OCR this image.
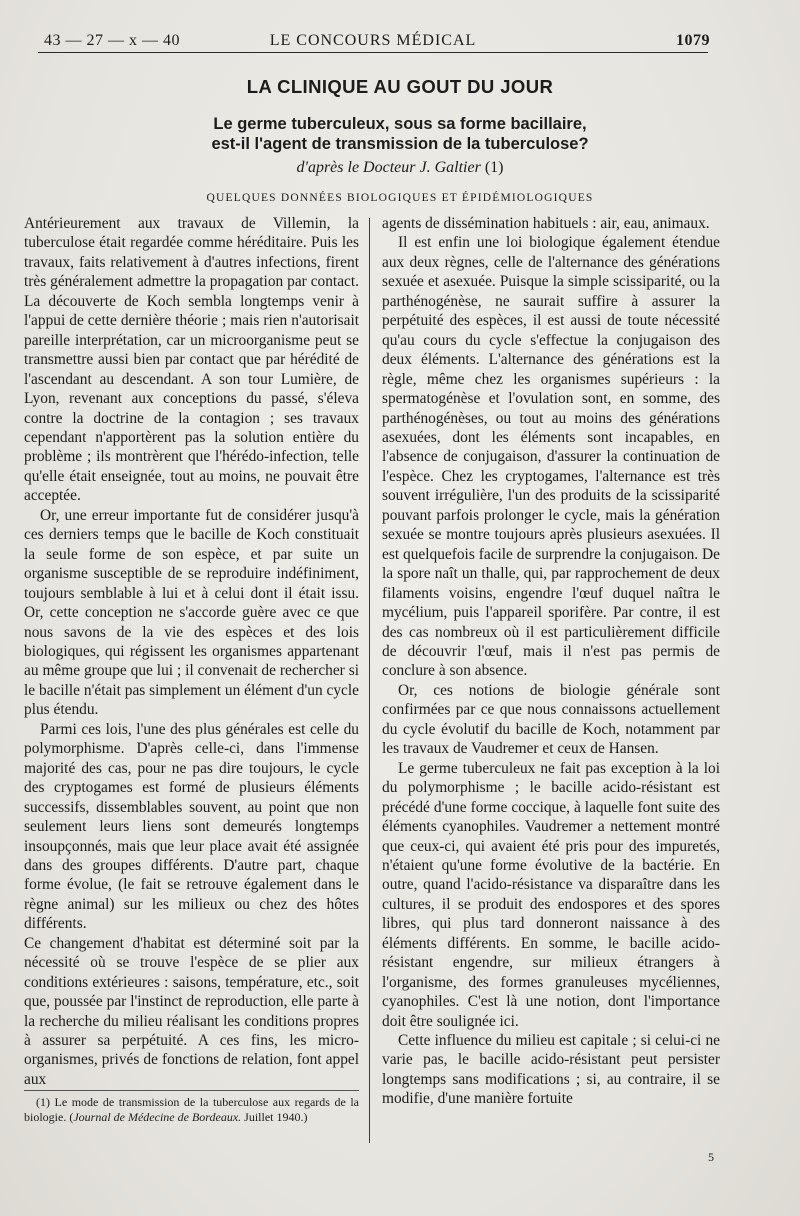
43 — 27 — x — 40	LE CONCOURS MÉDICAL	1079
LA CLINIQUE AU GOUT DU JOUR
Le germe tuberculeux, sous sa forme bacillaire,
est-il l'agent de transmission de la tuberculose?
d'après le Docteur J. Galtier (1)
QUELQUES DONNÉES BIOLOGIQUES ET ÉPIDÉMIOLOGIQUES

Antérieurement aux travaux de Villemin, la tuberculose était regardée comme héréditaire. Puis les travaux, faits relativement à d'autres infections, firent très généralement admettre la propagation par contact. La découverte de Koch sembla longtemps venir à l'appui de cette dernière théorie ; mais rien n'autorisait pareille interprétation, car un microorganisme peut se transmettre aussi bien par contact que par hérédité de l'ascendant au descendant. A son tour Lumière, de Lyon, revenant aux conceptions du passé, s'éleva contre la doctrine de la contagion ; ses travaux cependant n'apportèrent pas la solution entière du problème ; ils montrèrent que l'hérédo-infection, telle qu'elle était enseignée, tout au moins, ne pouvait être acceptée.

Or, une erreur importante fut de considérer jusqu'à ces derniers temps que le bacille de Koch constituait la seule forme de son espèce, et par suite un organisme susceptible de se reproduire indéfiniment, toujours semblable à lui et à celui dont il était issu. Or, cette conception ne s'accorde guère avec ce que nous savons de la vie des espèces et des lois biologiques, qui régissent les organismes appartenant au même groupe que lui ; il convenait de rechercher si le bacille n'était pas simplement un élément d'un cycle plus étendu.

Parmi ces lois, l'une des plus générales est celle du polymorphisme. D'après celle-ci, dans l'immense majorité des cas, pour ne pas dire toujours, le cycle des cryptogames est formé de plusieurs éléments successifs, dissemblables souvent, au point que non seulement leurs liens sont demeurés longtemps insoupçonnés, mais que leur place avait été assignée dans des groupes différents. D'autre part, chaque forme évolue, (le fait se retrouve également dans le règne animal) sur les milieux ou chez des hôtes différents.

Ce changement d'habitat est déterminé soit par la nécessité où se trouve l'espèce de se plier aux conditions extérieures : saisons, température, etc., soit que, poussée par l'instinct de reproduction, elle parte à la recherche du milieu réalisant les conditions propres à assurer sa perpétuité. A ces fins, les micro-organismes, privés de fonctions de relation, font appel aux

agents de dissémination habituels : air, eau, animaux.

Il est enfin une loi biologique également étendue aux deux règnes, celle de l'alternance des générations sexuée et asexuée. Puisque la simple scissiparité, ou la parthénogénèse, ne saurait suffire à assurer la perpétuité des espèces, il est aussi de toute nécessité qu'au cours du cycle s'effectue la conjugaison des deux éléments. L'alternance des générations est la règle, même chez les organismes supérieurs : la spermatogénèse et l'ovulation sont, en somme, des parthénogénèses, ou tout au moins des générations asexuées, dont les éléments sont incapables, en l'absence de conjugaison, d'assurer la continuation de l'espèce. Chez les cryptogames, l'alternance est très souvent irrégulière, l'un des produits de la scissiparité pouvant parfois prolonger le cycle, mais la génération sexuée se montre toujours après plusieurs asexuées. Il est quelquefois facile de surprendre la conjugaison. De la spore naît un thalle, qui, par rapprochement de deux filaments voisins, engendre l'œuf duquel naîtra le mycélium, puis l'appareil sporifère. Par contre, il est des cas nombreux où il est particulièrement difficile de découvrir l'œuf, mais il n'est pas permis de conclure à son absence.

Or, ces notions de biologie générale sont confirmées par ce que nous connaissons actuellement du cycle évolutif du bacille de Koch, notamment par les travaux de Vaudremer et ceux de Hansen.

Le germe tuberculeux ne fait pas exception à la loi du polymorphisme ; le bacille acido-résistant est précédé d'une forme coccique, à laquelle font suite des éléments cyanophiles. Vaudremer a nettement montré que ceux-ci, qui avaient été pris pour des impuretés, n'étaient qu'une forme évolutive de la bactérie. En outre, quand l'acido-résistance va disparaître dans les cultures, il se produit des endospores et des spores libres, qui plus tard donneront naissance à des éléments différents. En somme, le bacille acido-résistant engendre, sur milieux étrangers à l'organisme, des formes granuleuses mycéliennes, cyanophiles. C'est là une notion, dont l'importance doit être soulignée ici.

Cette influence du milieu est capitale ; si celui-ci ne varie pas, le bacille acido-résistant peut persister longtemps sans modifications ; si, au contraire, il se modifie, d'une manière fortuite

(1) Le mode de transmission de la tuberculose aux regards de la biologie. (Journal de Médecine de Bordeaux. Juillet 1940.)
5
